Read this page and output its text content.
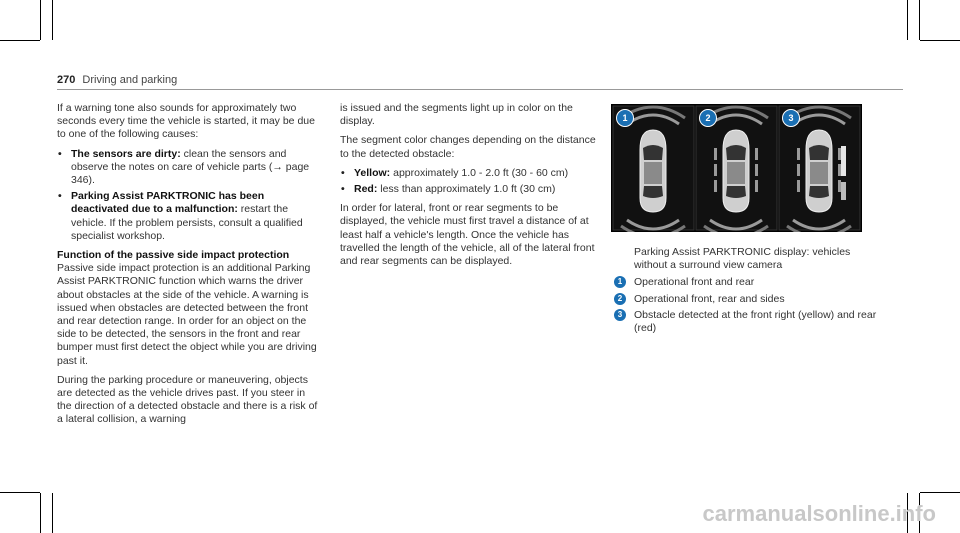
270 Driving and parking

If a warning tone also sounds for approximately two seconds every time the vehicle is started, it may be due to one of the following causes:

• The sensors are dirty: clean the sensors and observe the notes on care of vehicle parts (→ page 346).
• Parking Assist PARKTRONIC has been deactivated due to a malfunction: restart the vehicle. If the problem persists, consult a qualified specialist workshop.
Function of the passive side impact protection

Passive side impact protection is an additional Parking Assist PARKTRONIC function which warns the driver about obstacles at the side of the vehicle. A warning is issued when obstacles are detected between the front and rear detection range. In order for an object on the side to be detected, the sensors in the front and rear bumper must first detect the object while you are driving past it.

During the parking procedure or maneuvering, objects are detected as the vehicle drives past. If you steer in the direction of a detected obstacle and there is a risk of a lateral collision, a warning

is issued and the segments light up in color on the display.

The segment color changes depending on the distance to the detected obstacle:

• Yellow: approximately 1.0 - 2.0 ft (30 - 60 cm)
• Red: less than approximately 1.0 ft (30 cm)

In order for lateral, front or rear segments to be displayed, the vehicle must first travel a distance of at least half a vehicle's length. Once the vehicle has travelled the length of the vehicle, all of the lateral front and rear segments can be displayed.

1	2	3

Parking Assist PARKTRONIC display: vehicles without a surround view camera

1	Operational front and rear
2	Operational front, rear and sides
3	Obstacle detected at the front right (yellow) and rear (red)
carmanualsonline.info
